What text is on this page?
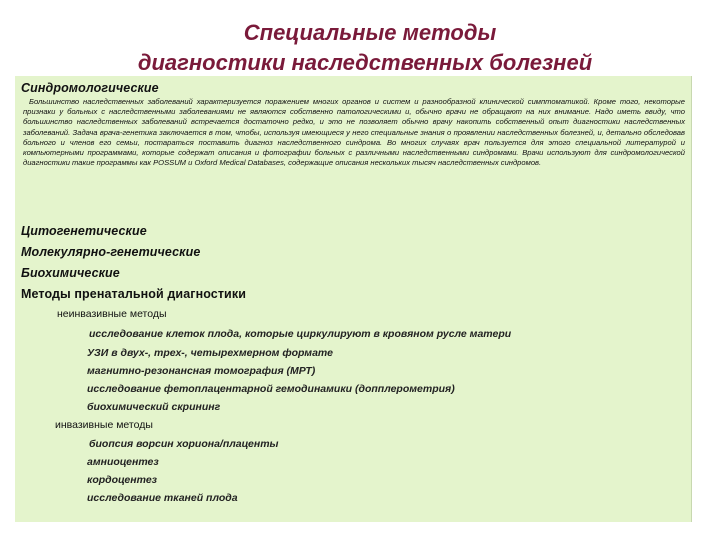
Специальные методы
диагностики наследственных болезней
Синдромологические
Большинство наследственных заболеваний характеризуется поражением многих органов и систем и разнообразной клинической симптоматикой. Кроме того, некоторые признаки у больных с наследственными заболеваниями не являются собственно патологическими и, обычно врачи не обращают на них внимание. Надо иметь ввиду, что большинство наследственных заболеваний встречается достаточно редко, и это не позволяет обычно врачу накопить собственный опыт диагностики наследственных заболеваний. Задача врача-генетика заключается в том, чтобы, используя имеющиеся у него специальные знания о проявлении наследственных болезней, и, детально обследовав больного и членов его семьи, постараться поставить диагноз наследственного синдрома. Во многих случаях врач пользуется для этого специальной литературой и компьютерными программами, которые содержат описания и фотографии больных с различными наследственными синдромами. Врачи используют для синдромологической диагностики такие программы как POSSUM и Oxford Medical Databases, содержащие описания нескольких тысяч наследственных синдромов.
Цитогенетические
Молекулярно-генетические
Биохимические
Методы пренатальной диагностики
неинвазивные методы
исследование клеток плода, которые циркулируют в кровяном русле матери
УЗИ в двух-, трех-, четырехмерном формате
магнитно-резонансная томография (МРТ)
исследование фетоплацентарной гемодинамики (допплерометрия)
биохимический скрининг
инвазивные методы
биопсия ворсин хориона/плаценты
амниоцентез
кордоцентез
исследование тканей плода
